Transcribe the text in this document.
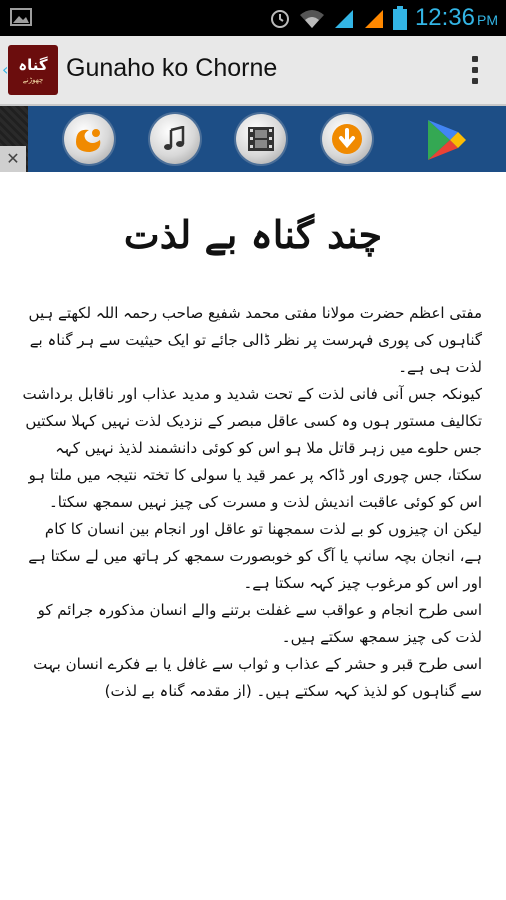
12:36 PM
‹ گناہ
چھوڑنے Gunaho ko Chorne
✕
چند گناہ بے لذت

مفتی اعظم حضرت مولانا مفتی محمد شفیع صاحب رحمہ اللہ لکھتے ہیں

گناہوں کی پوری فہرست پر نظر ڈالی جائے تو ایک حیثیت سے ہر گناہ بے لذت ہی ہے۔

کیونکہ جس آنی فانی لذت کے تحت شدید و مدید عذاب اور ناقابل برداشت تکالیف مستور ہوں وہ کسی عاقل مبصر کے نزدیک لذت نہیں کہلا سکتیں

جس حلوے میں زہر قاتل ملا ہو اس کو کوئی دانشمند لذیذ نہیں کہہ سکتا، جس چوری اور ڈاکہ پر عمر قید یا سولی کا تختہ نتیجہ میں ملتا ہو اس کو کوئی عاقبت اندیش لذت و مسرت کی چیز نہیں سمجھ سکتا۔

لیکن ان چیزوں کو بے لذت سمجھنا تو عاقل اور انجام بین انسان کا کام ہے، انجان بچہ سانپ یا آگ کو خوبصورت سمجھ کر ہاتھ میں لے سکتا ہے اور اس کو مرغوب چیز کہہ سکتا ہے۔

اسی طرح انجام و عواقب سے غفلت برتنے والے انسان مذکورہ جرائم کو لذت کی چیز سمجھ سکتے ہیں۔

اسی طرح قبر و حشر کے عذاب و ثواب سے غافل یا بے فکرے انسان بہت سے گناہوں کو لذیذ کہہ سکتے ہیں۔ (از مقدمہ گناہ بے لذت)
